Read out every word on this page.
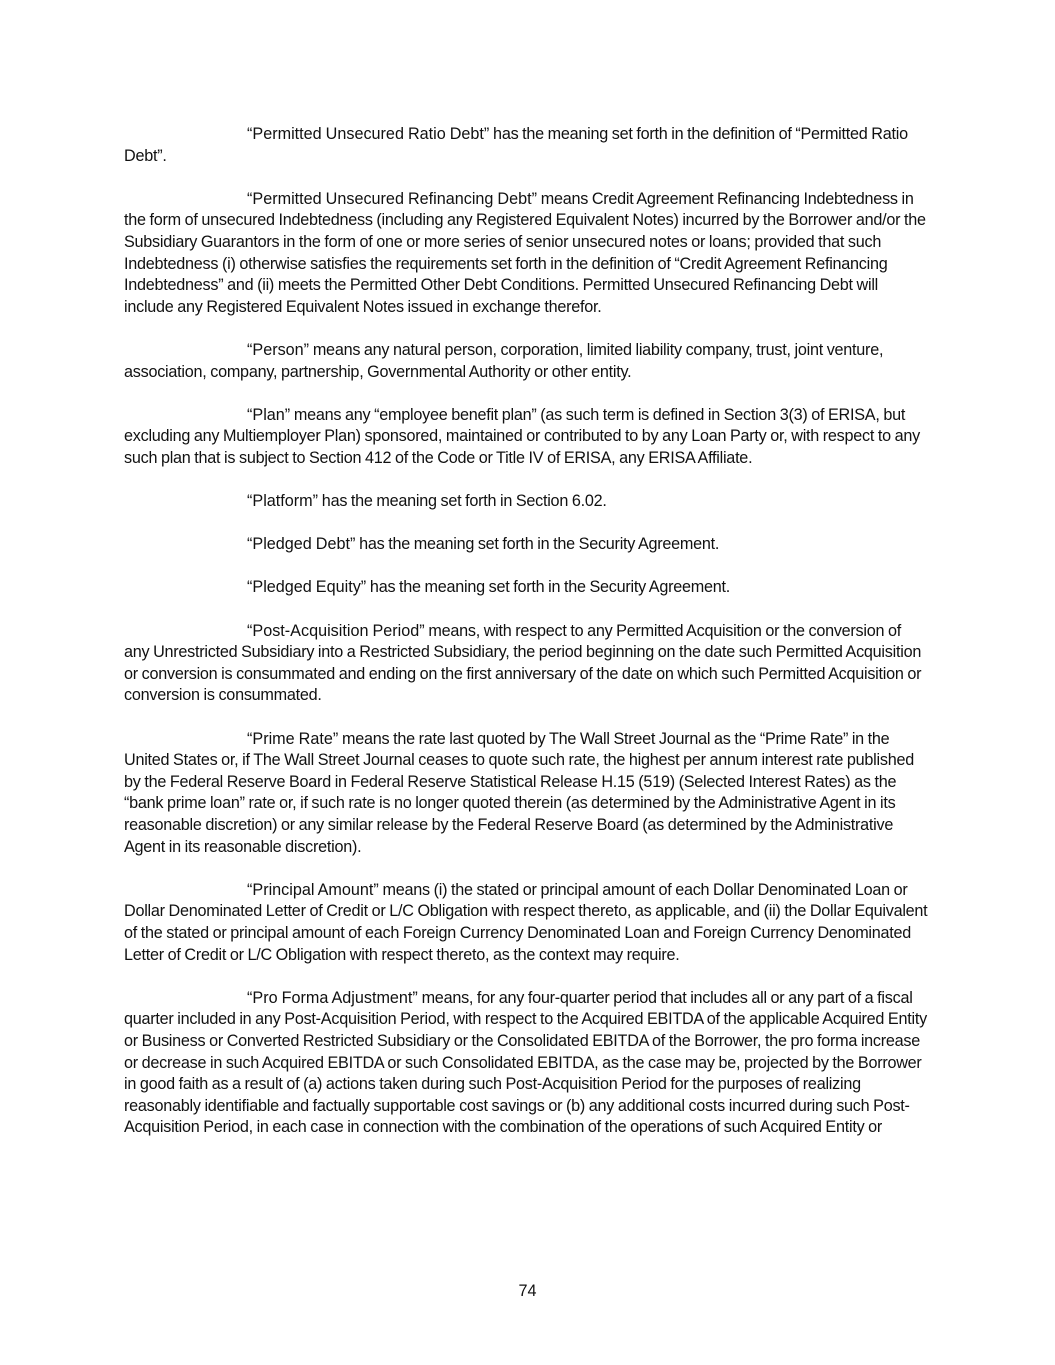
“Permitted Unsecured Ratio Debt” has the meaning set forth in the definition of “Permitted Ratio Debt”.

“Permitted Unsecured Refinancing Debt” means Credit Agreement Refinancing Indebtedness in the form of unsecured Indebtedness (including any Registered Equivalent Notes) incurred by the Borrower and/or the Subsidiary Guarantors in the form of one or more series of senior unsecured notes or loans; provided that such Indebtedness (i) otherwise satisfies the requirements set forth in the definition of “Credit Agreement Refinancing Indebtedness” and (ii) meets the Permitted Other Debt Conditions. Permitted Unsecured Refinancing Debt will include any Registered Equivalent Notes issued in exchange therefor.

“Person” means any natural person, corporation, limited liability company, trust, joint venture, association, company, partnership, Governmental Authority or other entity.

“Plan” means any “employee benefit plan” (as such term is defined in Section 3(3) of ERISA, but excluding any Multiemployer Plan) sponsored, maintained or contributed to by any Loan Party or, with respect to any such plan that is subject to Section 412 of the Code or Title IV of ERISA, any ERISA Affiliate.

“Platform” has the meaning set forth in Section 6.02.

“Pledged Debt” has the meaning set forth in the Security Agreement.

“Pledged Equity” has the meaning set forth in the Security Agreement.

“Post-Acquisition Period” means, with respect to any Permitted Acquisition or the conversion of any Unrestricted Subsidiary into a Restricted Subsidiary, the period beginning on the date such Permitted Acquisition or conversion is consummated and ending on the first anniversary of the date on which such Permitted Acquisition or conversion is consummated.

“Prime Rate” means the rate last quoted by The Wall Street Journal as the “Prime Rate” in the United States or, if The Wall Street Journal ceases to quote such rate, the highest per annum interest rate published by the Federal Reserve Board in Federal Reserve Statistical Release H.15 (519) (Selected Interest Rates) as the “bank prime loan” rate or, if such rate is no longer quoted therein (as determined by the Administrative Agent in its reasonable discretion) or any similar release by the Federal Reserve Board (as determined by the Administrative Agent in its reasonable discretion).

“Principal Amount” means (i) the stated or principal amount of each Dollar Denominated Loan or Dollar Denominated Letter of Credit or L/C Obligation with respect thereto, as applicable, and (ii) the Dollar Equivalent of the stated or principal amount of each Foreign Currency Denominated Loan and Foreign Currency Denominated Letter of Credit or L/C Obligation with respect thereto, as the context may require.

“Pro Forma Adjustment” means, for any four-quarter period that includes all or any part of a fiscal quarter included in any Post-Acquisition Period, with respect to the Acquired EBITDA of the applicable Acquired Entity or Business or Converted Restricted Subsidiary or the Consolidated EBITDA of the Borrower, the pro forma increase or decrease in such Acquired EBITDA or such Consolidated EBITDA, as the case may be, projected by the Borrower in good faith as a result of (a) actions taken during such Post-Acquisition Period for the purposes of realizing reasonably identifiable and factually supportable cost savings or (b) any additional costs incurred during such Post-Acquisition Period, in each case in connection with the combination of the operations of such Acquired Entity or

74
